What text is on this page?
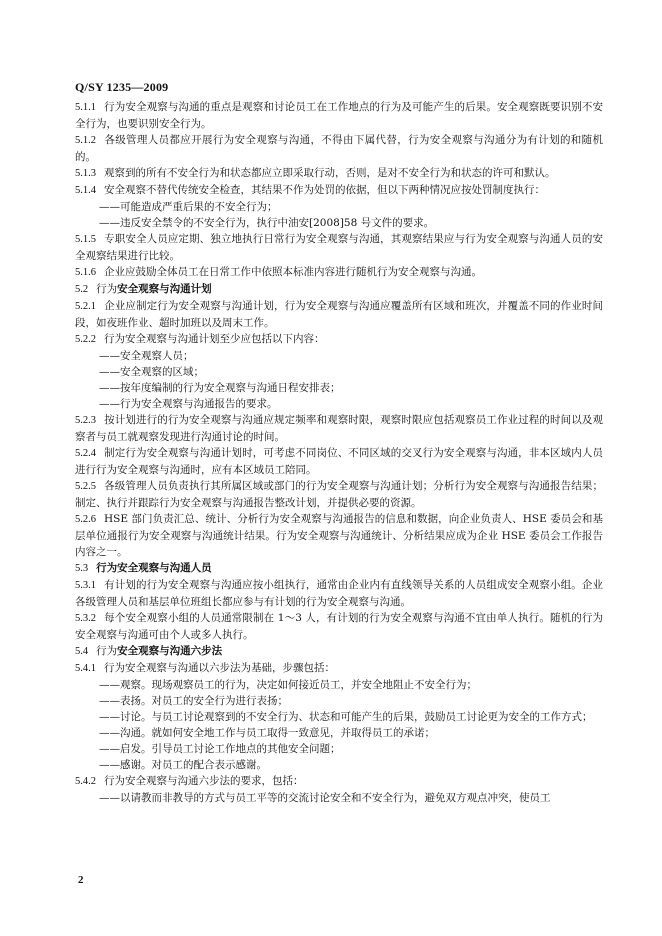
Q/SY 1235—2009

5.1.1 行为安全观察与沟通的重点是观察和讨论员工在工作地点的行为及可能产生的后果。安全观察既要识别不安全行为，也要识别安全行为。

5.1.2 各级管理人员都应开展行为安全观察与沟通，不得由下属代替，行为安全观察与沟通分为有计划的和随机的。

5.1.3 观察到的所有不安全行为和状态都应立即采取行动，否则，是对不安全行为和状态的许可和默认。

5.1.4 安全观察不替代传统安全检查，其结果不作为处罚的依据，但以下两种情况应按处罚制度执行：

——可能造成严重后果的不安全行为；

——违反安全禁令的不安全行为，执行中油安[2008]58 号文件的要求。

5.1.5 专职安全人员应定期、独立地执行日常行为安全观察与沟通，其观察结果应与行为安全观察与沟通人员的安全观察结果进行比较。

5.1.6 企业应鼓励全体员工在日常工作中依照本标准内容进行随机行为安全观察与沟通。

5.2 行为安全观察与沟通计划

5.2.1 企业应制定行为安全观察与沟通计划，行为安全观察与沟通应覆盖所有区域和班次，并覆盖不同的作业时间段，如夜班作业、超时加班以及周末工作。

5.2.2 行为安全观察与沟通计划至少应包括以下内容：

——安全观察人员；

——安全观察的区域；

——按年度编制的行为安全观察与沟通日程安排表；

——行为安全观察与沟通报告的要求。

5.2.3 按计划进行的行为安全观察与沟通应规定频率和观察时限，观察时限应包括观察员工作业过程的时间以及观察者与员工就观察发现进行沟通讨论的时间。

5.2.4 制定行为安全观察与沟通计划时，可考虑不同岗位、不同区域的交叉行为安全观察与沟通，非本区域内人员进行行为安全观察与沟通时，应有本区域员工陪同。

5.2.5 各级管理人员负责执行其所属区域或部门的行为安全观察与沟通计划；分析行为安全观察与沟通报告结果；制定、执行并跟踪行为安全观察与沟通报告整改计划，并提供必要的资源。

5.2.6 HSE 部门负责汇总、统计、分析行为安全观察与沟通报告的信息和数据，向企业负责人、HSE 委员会和基层单位通报行为安全观察与沟通统计结果。行为安全观察与沟通统计、分析结果应成为企业 HSE 委员会工作报告内容之一。

5.3 行为安全观察与沟通人员

5.3.1 有计划的行为安全观察与沟通应按小组执行，通常由企业内有直线领导关系的人员组成安全观察小组。企业各级管理人员和基层单位班组长都应参与有计划的行为安全观察与沟通。

5.3.2 每个安全观察小组的人员通常限制在 1～3 人，有计划的行为安全观察与沟通不宜由单人执行。随机的行为安全观察与沟通可由个人或多人执行。

5.4 行为安全观察与沟通六步法

5.4.1 行为安全观察与沟通以六步法为基础，步骤包括：

——观察。现场观察员工的行为，决定如何接近员工，并安全地阻止不安全行为；

——表扬。对员工的安全行为进行表扬；

——讨论。与员工讨论观察到的不安全行为、状态和可能产生的后果，鼓励员工讨论更为安全的工作方式；

——沟通。就如何安全地工作与员工取得一致意见，并取得员工的承诺；

——启发。引导员工讨论工作地点的其他安全问题；

——感谢。对员工的配合表示感谢。

5.4.2 行为安全观察与沟通六步法的要求，包括：

——以请教而非教导的方式与员工平等的交流讨论安全和不安全行为，避免双方观点冲突，使员工

2
